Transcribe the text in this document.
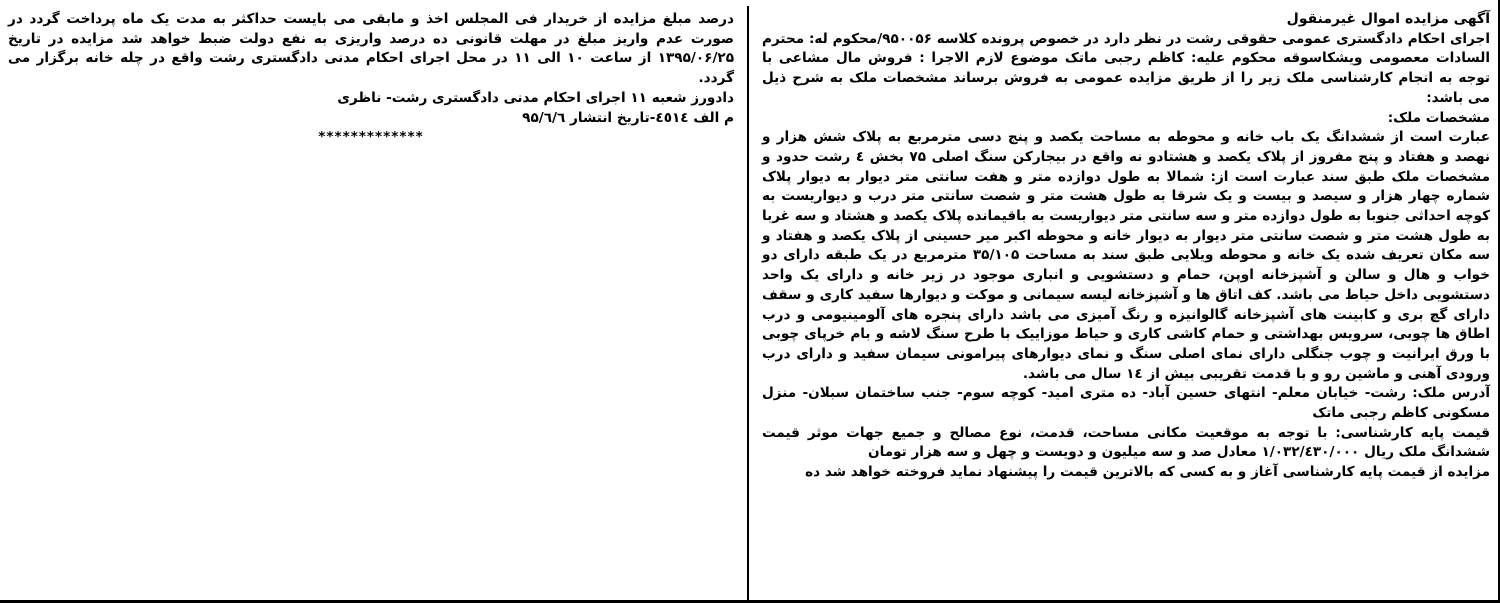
آگهی مزایده اموال غیرمنقول

اجرای احکام دادگستری عمومی حقوقی رشت در نظر دارد در خصوص پرونده کلاسه ۹۵۰۰۵۶/محکوم له: محترم السادات معصومی ویشکاسوقه محکوم علیه: کاظم رجبی ماتک موضوع لازم الاجرا : فروش مال مشاعی با توجه به انجام کارشناسی ملک زیر را از طریق مزایده عمومی به فروش برساند مشخصات ملک به شرح ذیل می باشد:

مشخصات ملک:

عبارت است از ششدانگ یک باب خانه و محوطه به مساحت یکصد و پنج دسی مترمربع به پلاک شش هزار و نهصد و هفتاد و پنج مفروز از پلاک یکصد و هشتادو نه واقع در بیجارکن سنگ اصلی ۷۵ بخش ٤ رشت حدود و مشخصات ملک طبق سند عبارت است از: شمالا به طول دوازده متر و هفت سانتی متر دیوار به دیوار پلاک شماره چهار هزار و سیصد و بیست و یک شرقا به طول هشت متر و شصت سانتی متر درب و دیواریست به کوچه احداثی جنوبا به طول دوازده متر و سه سانتی متر دیواریست به باقیمانده پلاک یکصد و هشتاد و سه غربا به طول هشت متر و شصت سانتی متر دیوار به دیوار خانه و محوطه اکبر میر حسینی از پلاک یکصد و هفتاد و سه مکان تعریف شده یک خانه و محوطه ویلایی طبق سند به مساحت ۳۵/۱۰۵ مترمربع در یک طبقه دارای دو خواب و هال و سالن و آشپزخانه اوپن، حمام و دستشویی و انباری موجود در زیر خانه و دارای یک واحد دستشویی داخل حیاط می باشد. کف اتاق ها و آشپزخانه لیسه سیمانی و موکت و دیوارها سفید کاری و سقف دارای گچ بری و کابینت های آشپزخانه گالوانیزه و رنگ آمیزی می باشد دارای پنجره های آلومینیومی و درب اطاق ها چوبی، سرویس بهداشتی و حمام کاشی کاری و حیاط موزاییک با طرح سنگ لاشه و بام خرپای چوبی با ورق ایرانیت و چوب جنگلی دارای نمای اصلی سنگ و نمای دیوارهای پیرامونی سیمان سفید و دارای درب ورودی آهنی و ماشین رو و با قدمت تقریبی بیش از ١٤ سال می باشد.

آدرس ملک: رشت- خیابان معلم- انتهای حسین آباد- ده متری امید- کوچه سوم- جنب ساختمان سبلان- منزل مسکونی کاظم رجبی ماتک

قیمت پایه کارشناسی: با توجه به موقعیت مکانی مساحت، قدمت، نوع مصالح و جمیع جهات موثر قیمت ششدانگ ملک ریال ۱/۰۳۲/٤۳۰/۰۰۰ معادل صد و سه میلیون و دویست و چهل و سه هزار تومان

مزایده از قیمت پایه کارشناسی آغاز و به کسی که بالاترین قیمت را پیشنهاد نماید فروخته خواهد شد ده

درصد مبلغ مزایده از خریدار فی المجلس اخذ و مابقی می بایست حداکثر به مدت یک ماه پرداخت گردد در صورت عدم واریز مبلغ در مهلت قانونی ده درصد واریزی به نفع دولت ضبط خواهد شد مزایده در تاریخ ۱۳۹۵/۰۶/۲۵ از ساعت ۱۰ الی ۱۱ در محل اجرای احکام مدنی دادگستری رشت واقع در چله خانه برگزار می گردد.

دادورز شعبه ۱۱ اجرای احکام مدنی دادگستری رشت- ناظری

م الف ٤٥١٤-تاریخ انتشار ۹۵/٦/٦

*************
